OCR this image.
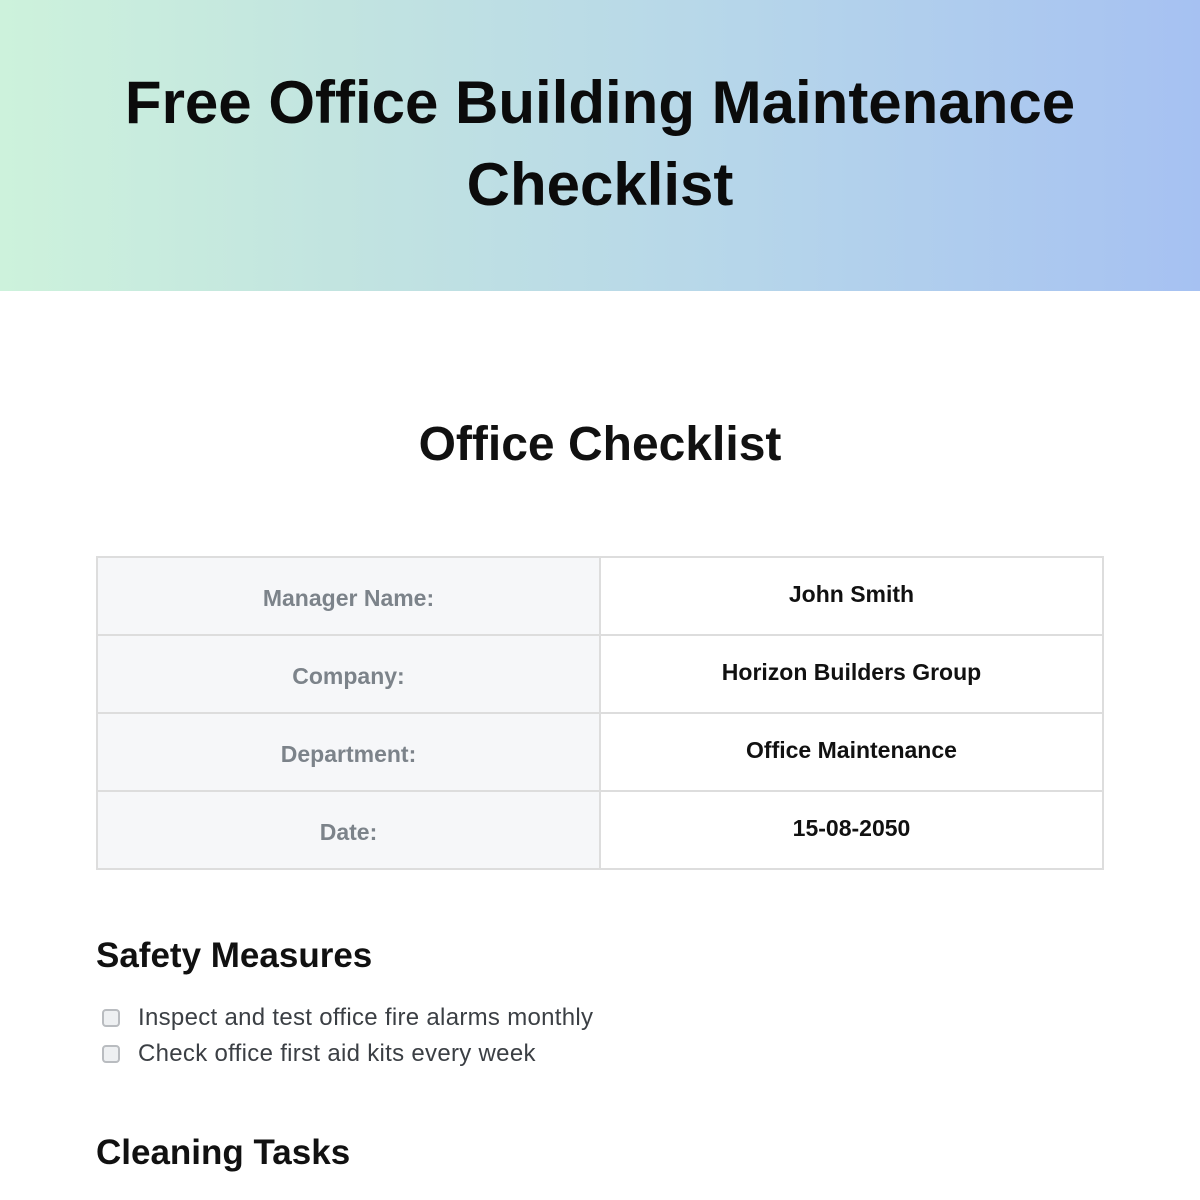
Free Office Building Maintenance Checklist
Office Checklist
Manager Name:	John Smith
Company:	Horizon Builders Group
Department:	Office Maintenance
Date:	15-08-2050
Safety Measures
Inspect and test office fire alarms monthly
Check office first aid kits every week
Cleaning Tasks
